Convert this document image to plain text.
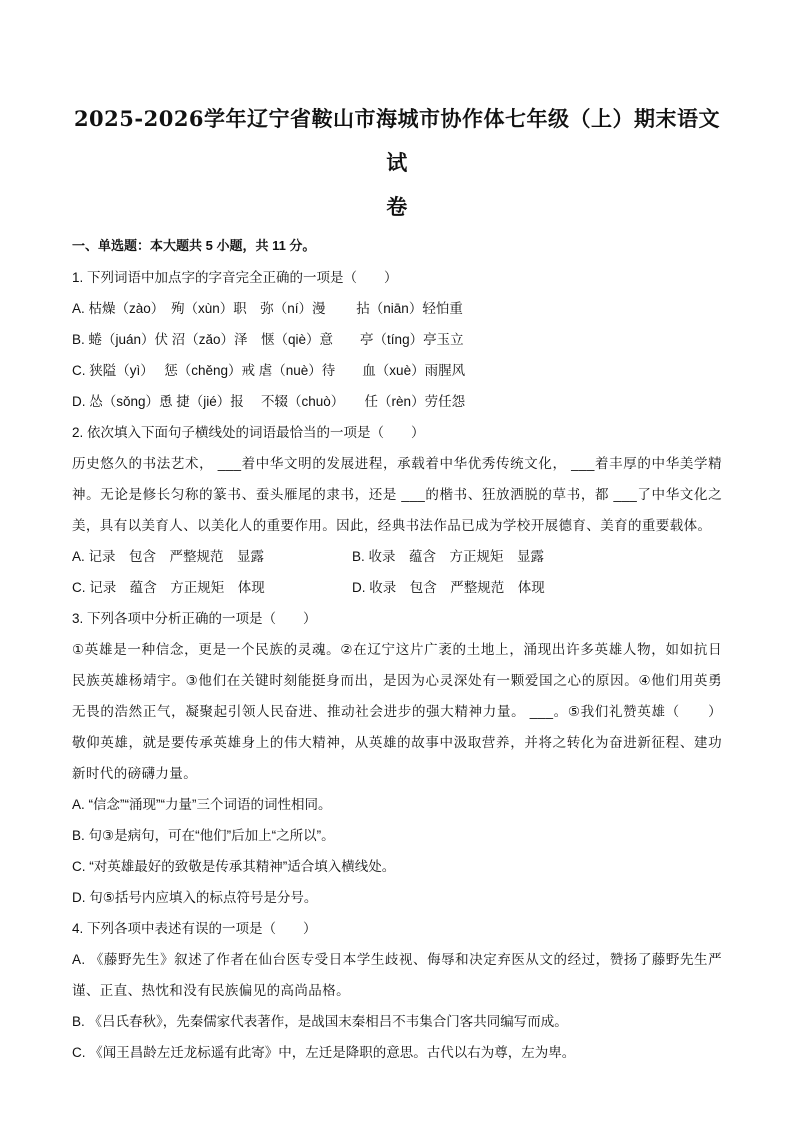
2025-2026学年辽宁省鞍山市海城市协作体七年级（上）期末语文试
卷
一、单选题：本大题共 5 小题，共 11 分。
1. 下列词语中加点字的字音完全正确的一项是（　　）
A. 枯燥（zào）　殉（xùn）职　弥（ní）漫　　 拈（niān）轻怕重
B. 蜷（juán）伏 沼（zǎo）泽　惬（qiè）意　　亭（tíng）亭玉立
C. 狭隘（yì）　 惩（chěng）戒 虐（nuè）待　　血（xuè）雨腥风
D. 怂（sǒng）恿 捷（jié）报　 不辍（chuò）　　任（rèn）劳任怨
2. 依次填入下面句子横线处的词语最恰当的一项是（　　）

历史悠久的书法艺术， ___着中华文明的发展进程，承载着中华优秀传统文化， ___着丰厚的中华美学精神。无论是修长匀称的篆书、蚕头雁尾的隶书，还是 ___的楷书、狂放洒脱的草书，都 ___了中华文化之美，具有以美育人、以美化人的重要作用。因此，经典书法作品已成为学校开展德育、美育的重要载体。

A. 记录　包含　严整规范　显露	B. 收录　蕴含　方正规矩　显露
C. 记录　蕴含　方正规矩　体现	D. 收录　包含　严整规范　体现
3. 下列各项中分析正确的一项是（　　）

①英雄是一种信念，更是一个民族的灵魂。②在辽宁这片广袤的土地上，涌现出许多英雄人物，如如抗日民族英雄杨靖宇。③他们在关键时刻能挺身而出，是因为心灵深处有一颗爱国之心的原因。④他们用英勇无畏的浩然正气，凝聚起引领人民奋进、推动社会进步的强大精神力量。 ___。⑤我们礼赞英雄（　　）敬仰英雄，就是要传承英雄身上的伟大精神，从英雄的故事中汲取营养，并将之转化为奋进新征程、建功新时代的磅礴力量。

A. “信念”“涌现”“力量”三个词语的词性相同。
B. 句③是病句，可在“他们”后加上“之所以”。
C. “对英雄最好的致敬是传承其精神”适合填入横线处。
D. 句⑤括号内应填入的标点符号是分号。
4. 下列各项中表述有误的一项是（　　）

A. 《藤野先生》叙述了作者在仙台医专受日本学生歧视、侮辱和决定弃医从文的经过，赞扬了藤野先生严谨、正直、热忱和没有民族偏见的高尚品格。

B. 《吕氏春秋》，先秦儒家代表著作，是战国末秦相吕不韦集合门客共同编写而成。
C. 《闻王昌龄左迁龙标遥有此寄》中，左迁是降职的意思。古代以右为尊，左为卑。
